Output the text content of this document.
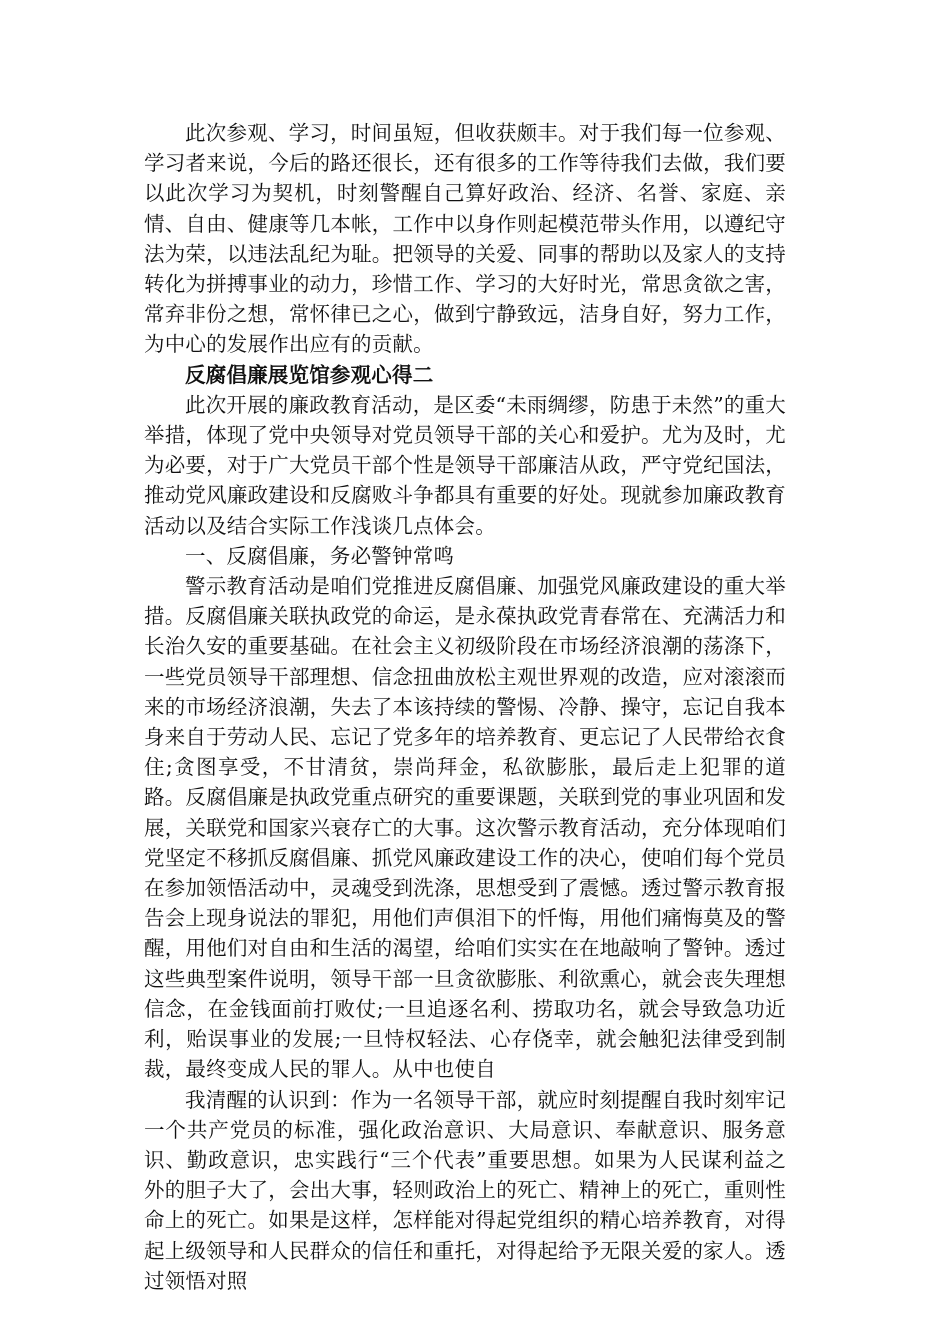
此次参观、学习，时间虽短，但收获颇丰。对于我们每一位参观、学习者来说，今后的路还很长，还有很多的工作等待我们去做，我们要以此次学习为契机，时刻警醒自己算好政治、经济、名誉、家庭、亲情、自由、健康等几本帐，工作中以身作则起模范带头作用，以遵纪守法为荣，以违法乱纪为耻。把领导的关爱、同事的帮助以及家人的支持转化为拼搏事业的动力，珍惜工作、学习的大好时光，常思贪欲之害，常弃非份之想，常怀律已之心，做到宁静致远，洁身自好，努力工作，为中心的发展作出应有的贡献。

反腐倡廉展览馆参观心得二

此次开展的廉政教育活动，是区委“未雨绸缪，防患于未然”的重大举措，体现了党中央领导对党员领导干部的关心和爱护。尤为及时，尤为必要，对于广大党员干部个性是领导干部廉洁从政，严守党纪国法，推动党风廉政建设和反腐败斗争都具有重要的好处。现就参加廉政教育活动以及结合实际工作浅谈几点体会。

一、反腐倡廉，务必警钟常鸣

警示教育活动是咱们党推进反腐倡廉、加强党风廉政建设的重大举措。反腐倡廉关联执政党的命运，是永葆执政党青春常在、充满活力和长治久安的重要基础。在社会主义初级阶段在市场经济浪潮的荡涤下，一些党员领导干部理想、信念扭曲放松主观世界观的改造，应对滚滚而来的市场经济浪潮，失去了本该持续的警惕、冷静、操守，忘记自我本身来自于劳动人民、忘记了党多年的培养教育、更忘记了人民带给衣食住;贪图享受，不甘清贫，崇尚拜金，私欲膨胀，最后走上犯罪的道路。反腐倡廉是执政党重点研究的重要课题，关联到党的事业巩固和发展，关联党和国家兴衰存亡的大事。这次警示教育活动，充分体现咱们党坚定不移抓反腐倡廉、抓党风廉政建设工作的决心，使咱们每个党员在参加领悟活动中，灵魂受到洗涤，思想受到了震憾。透过警示教育报告会上现身说法的罪犯，用他们声俱泪下的忏悔，用他们痛悔莫及的警醒，用他们对自由和生活的渴望，给咱们实实在在地敲响了警钟。透过这些典型案件说明，领导干部一旦贪欲膨胀、利欲熏心，就会丧失理想信念，在金钱面前打败仗;一旦追逐名利、捞取功名，就会导致急功近利，贻误事业的发展;一旦恃权轻法、心存侥幸，就会触犯法律受到制裁，最终变成人民的罪人。从中也使自

我清醒的认识到：作为一名领导干部，就应时刻提醒自我时刻牢记一个共产党员的标准，强化政治意识、大局意识、奉献意识、服务意识、勤政意识，忠实践行“三个代表”重要思想。如果为人民谋利益之外的胆子大了，会出大事，轻则政治上的死亡、精神上的死亡，重则性命上的死亡。如果是这样，怎样能对得起党组织的精心培养教育，对得起上级领导和人民群众的信任和重托，对得起给予无限关爱的家人。透过领悟对照
